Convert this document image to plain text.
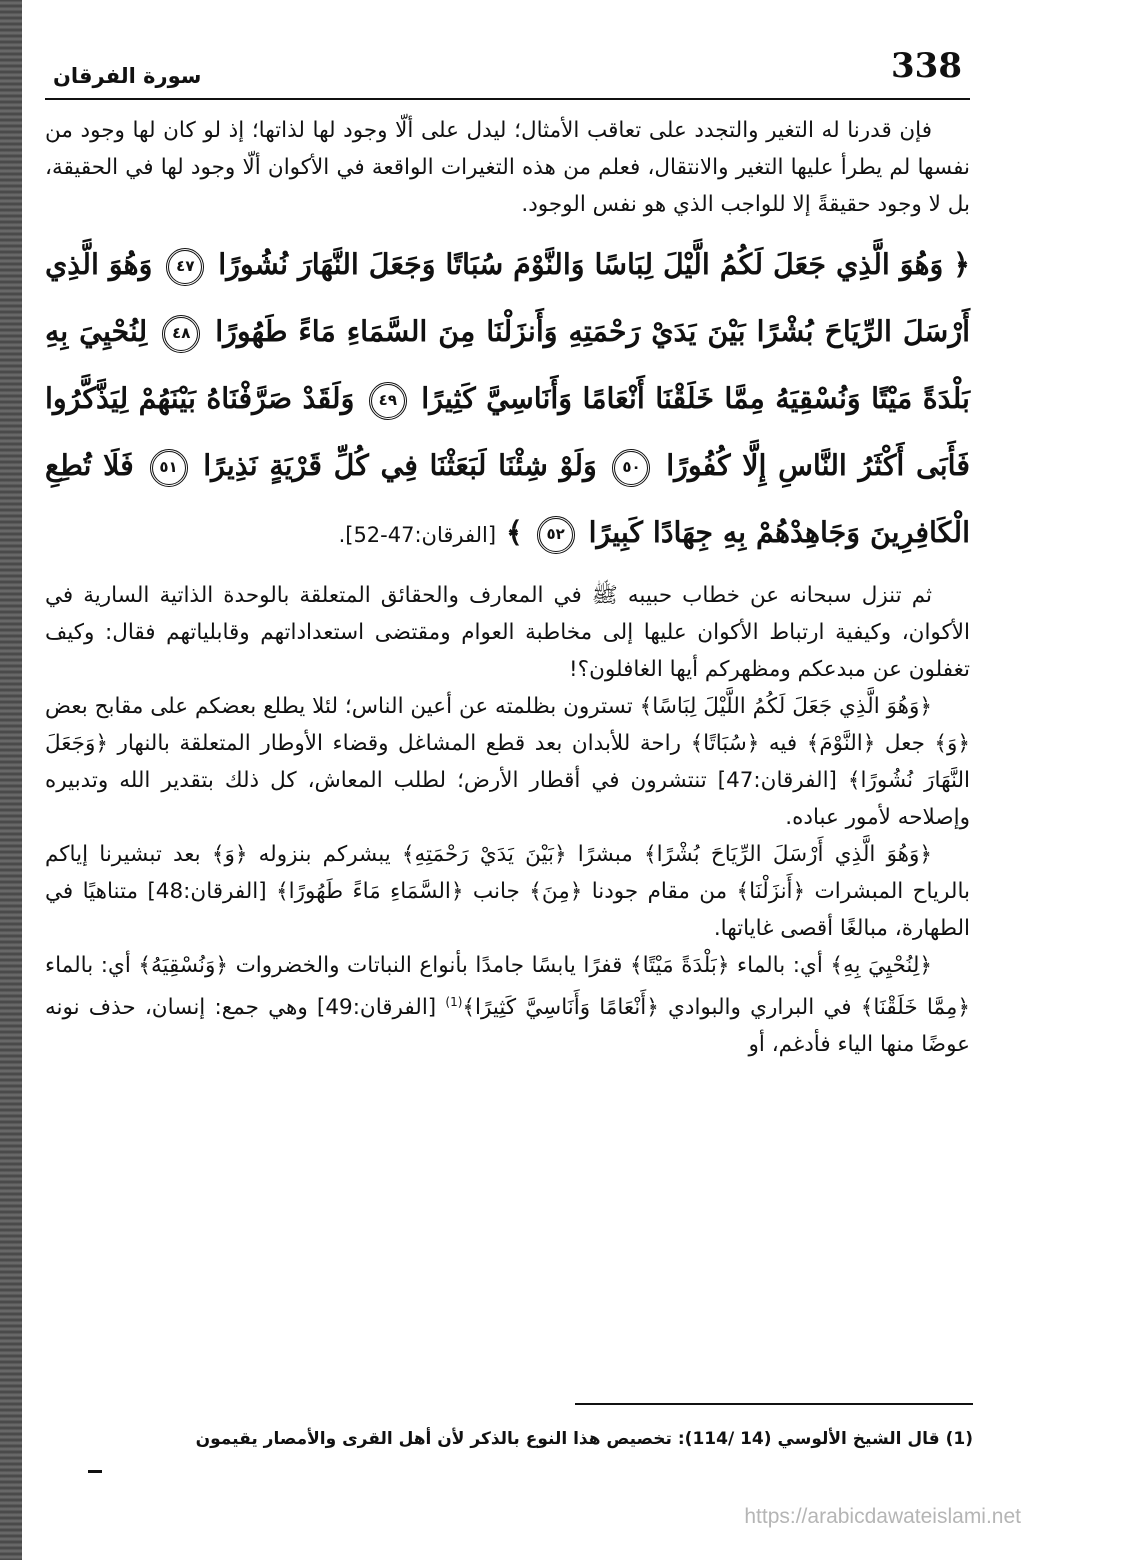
338
سورة الفرقان

فإن قدرنا له التغير والتجدد على تعاقب الأمثال؛ ليدل على ألّا وجود لها لذاتها؛ إذ لو كان لها وجود من نفسها لم يطرأ عليها التغير والانتقال، فعلم من هذه التغيرات الواقعة في الأكوان ألّا وجود لها في الحقيقة، بل لا وجود حقيقةً إلا للواجب الذي هو نفس الوجود.

﴿ وَهُوَ الَّذِي جَعَلَ لَكُمُ الَّيْلَ لِبَاسًا وَالنَّوْمَ سُبَاتًا وَجَعَلَ النَّهَارَ نُشُورًا ٤٧ وَهُوَ الَّذِي أَرْسَلَ الرِّيَاحَ بُشْرًا بَيْنَ يَدَيْ رَحْمَتِهِ وَأَنزَلْنَا مِنَ السَّمَاءِ مَاءً طَهُورًا ٤٨ لِنُحْيِيَ بِهِ بَلْدَةً مَيْتًا وَنُسْقِيَهُ مِمَّا خَلَقْنَا أَنْعَامًا وَأَنَاسِيَّ كَثِيرًا ٤٩ وَلَقَدْ صَرَّفْنَاهُ بَيْنَهُمْ لِيَذَّكَّرُوا فَأَبَى أَكْثَرُ النَّاسِ إِلَّا كُفُورًا ٥٠ وَلَوْ شِئْنَا لَبَعَثْنَا فِي كُلِّ قَرْيَةٍ نَذِيرًا ٥١ فَلَا تُطِعِ الْكَافِرِينَ وَجَاهِدْهُمْ بِهِ جِهَادًا كَبِيرًا ٥٢ ﴾ [الفرقان:47-52].

ثم تنزل سبحانه عن خطاب حبيبه ﷺ في المعارف والحقائق المتعلقة بالوحدة الذاتية السارية في الأكوان، وكيفية ارتباط الأكوان عليها إلى مخاطبة العوام ومقتضى استعداداتهم وقابلياتهم فقال: وكيف تغفلون عن مبدعكم ومظهركم أيها الغافلون؟!

﴿وَهُوَ الَّذِي جَعَلَ لَكُمُ اللَّيْلَ لِبَاسًا﴾ تسترون بظلمته عن أعين الناس؛ لئلا يطلع بعضكم على مقابح بعض ﴿وَ﴾ جعل ﴿النَّوْمَ﴾ فيه ﴿سُبَاتًا﴾ راحة للأبدان بعد قطع المشاغل وقضاء الأوطار المتعلقة بالنهار ﴿وَجَعَلَ النَّهَارَ نُشُورًا﴾ [الفرقان:47] تنتشرون في أقطار الأرض؛ لطلب المعاش، كل ذلك بتقدير الله وتدبيره وإصلاحه لأمور عباده.

﴿وَهُوَ الَّذِي أَرْسَلَ الرِّيَاحَ بُشْرًا﴾ مبشرًا ﴿بَيْنَ يَدَيْ رَحْمَتِهِ﴾ يبشركم بنزوله ﴿وَ﴾ بعد تبشيرنا إياكم بالرياح المبشرات ﴿أَنزَلْنَا﴾ من مقام جودنا ﴿مِنَ﴾ جانب ﴿السَّمَاءِ مَاءً طَهُورًا﴾ [الفرقان:48] متناهيًا في الطهارة، مبالغًا أقصى غاياتها.

﴿لِنُحْيِيَ بِهِ﴾ أي: بالماء ﴿بَلْدَةً مَيْتًا﴾ قفرًا يابسًا جامدًا بأنواع النباتات والخضروات ﴿وَنُسْقِيَهُ﴾ أي: بالماء ﴿مِمَّا خَلَقْنَا﴾ في البراري والبوادي ﴿أَنْعَامًا وَأَنَاسِيَّ كَثِيرًا﴾$^{(1)}$ [الفرقان:49] وهي جمع: إنسان، حذف نونه عوضًا منها الياء فأدغم، أو

(1) قال الشيخ الألوسي (14 /114): تخصيص هذا النوع بالذكر لأن أهل القرى والأمصار يقيمون
https://arabicdawateislami.net
